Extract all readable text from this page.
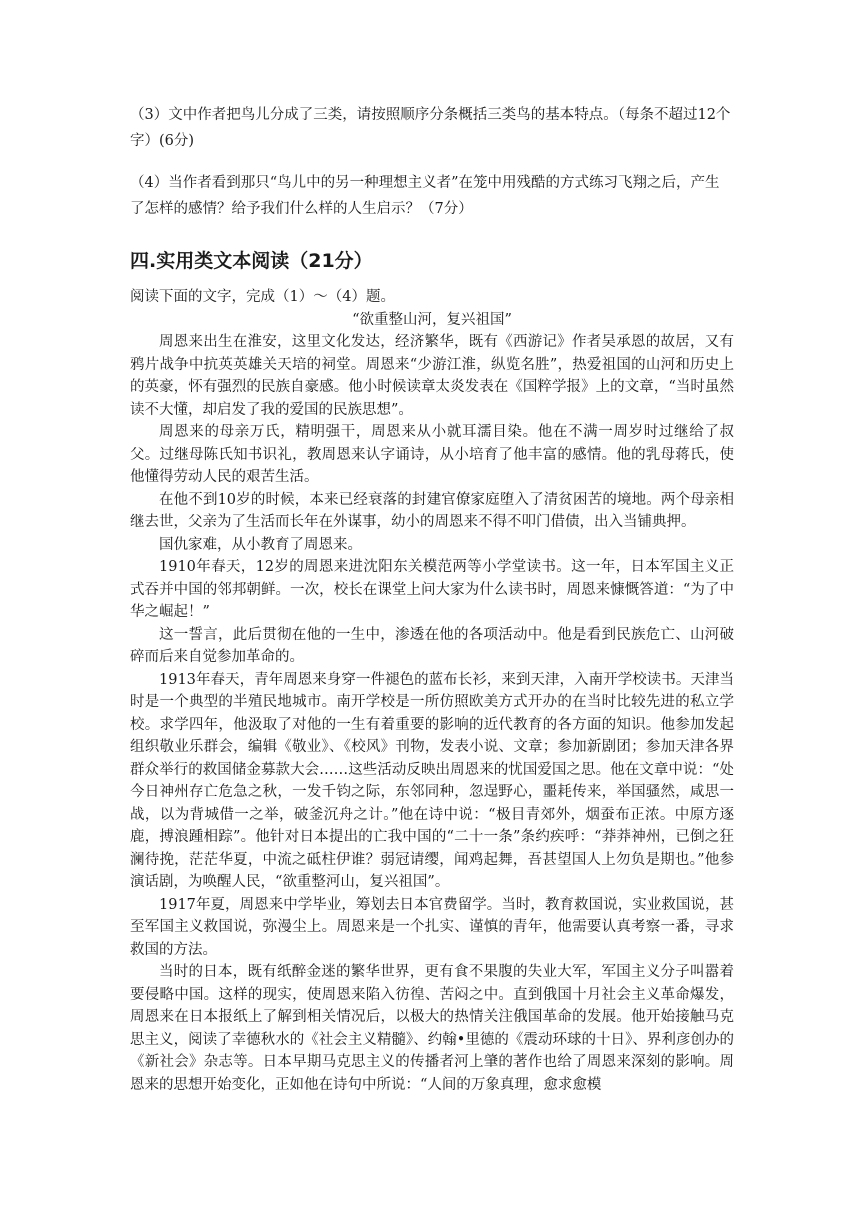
（3）文中作者把鸟儿分成了三类，请按照顺序分条概括三类鸟的基本特点。（每条不超过12个字）(6分)

（4）当作者看到那只“鸟儿中的另一种理想主义者”在笼中用残酷的方式练习飞翔之后，产生了怎样的感情？给予我们什么样的人生启示？（7分）

四.实用类文本阅读（21分）

阅读下面的文字，完成（1）～（4）题。

“欲重整山河，复兴祖国”

周恩来出生在淮安，这里文化发达，经济繁华，既有《西游记》作者吴承恩的故居，又有鸦片战争中抗英英雄关天培的祠堂。周恩来“少游江淮，纵览名胜”，热爱祖国的山河和历史上的英豪，怀有强烈的民族自豪感。他小时候读章太炎发表在《国粹学报》上的文章，“当时虽然读不大懂，却启发了我的爱国的民族思想”。

周恩来的母亲万氏，精明强干，周恩来从小就耳濡目染。他在不满一周岁时过继给了叔父。过继母陈氏知书识礼，教周恩来认字诵诗，从小培育了他丰富的感情。他的乳母蒋氏，使他懂得劳动人民的艰苦生活。

在他不到10岁的时候，本来已经衰落的封建官僚家庭堕入了清贫困苦的境地。两个母亲相继去世，父亲为了生活而长年在外谋事，幼小的周恩来不得不叩门借债，出入当铺典押。

国仇家难，从小教育了周恩来。

1910年春天，12岁的周恩来进沈阳东关模范两等小学堂读书。这一年，日本军国主义正式吞并中国的邻邦朝鲜。一次，校长在课堂上问大家为什么读书时，周恩来慷慨答道：“为了中华之崛起！”

这一誓言，此后贯彻在他的一生中，渗透在他的各项活动中。他是看到民族危亡、山河破碎而后来自觉参加革命的。

1913年春天，青年周恩来身穿一件褪色的蓝布长衫，来到天津，入南开学校读书。天津当时是一个典型的半殖民地城市。南开学校是一所仿照欧美方式开办的在当时比较先进的私立学校。求学四年，他汲取了对他的一生有着重要的影响的近代教育的各方面的知识。他参加发起组织敬业乐群会，编辑《敬业》、《校风》刊物，发表小说、文章；参加新剧团；参加天津各界群众举行的救国储金募款大会……这些活动反映出周恩来的忧国爱国之思。他在文章中说：“处今日神州存亡危急之秋，一发千钧之际，东邻同种，忽逞野心，噩耗传来，举国骚然，咸思一战，以为背城借一之举，破釜沉舟之计。”他在诗中说：“极目青郊外，烟蚕布正浓。中原方逐鹿，搏浪踵相踪”。他针对日本提出的亡我中国的“二十一条”条约疾呼：“莽莽神州，已倒之狂澜待挽，茫茫华夏，中流之砥柱伊谁？弱冠请缨，闻鸡起舞，吾甚望国人上勿负是期也。”他参演话剧，为唤醒人民，“欲重整河山，复兴祖国”。

1917年夏，周恩来中学毕业，筹划去日本官费留学。当时，教育救国说，实业救国说，甚至军国主义救国说，弥漫尘上。周恩来是一个扎实、谨慎的青年，他需要认真考察一番，寻求救国的方法。

当时的日本，既有纸醉金迷的繁华世界，更有食不果腹的失业大军，军国主义分子叫嚣着要侵略中国。这样的现实，使周恩来陷入彷徨、苦闷之中。直到俄国十月社会主义革命爆发，周恩来在日本报纸上了解到相关情况后，以极大的热情关注俄国革命的发展。他开始接触马克思主义，阅读了幸德秋水的《社会主义精髓》、约翰•里德的《震动环球的十日》、界利彦创办的《新社会》杂志等。日本早期马克思主义的传播者河上肇的著作也给了周恩来深刻的影响。周恩来的思想开始变化，正如他在诗句中所说：“人间的万象真理，愈求愈模
